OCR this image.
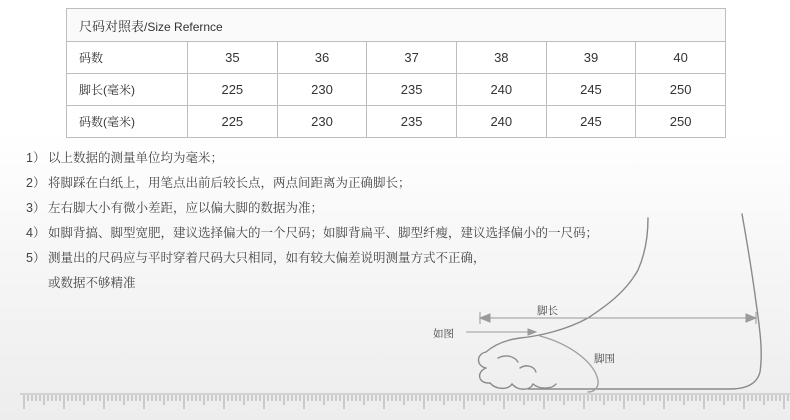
尺码对照表/Size Refernce						
码数	35	36	37	38	39	40
脚长(毫米)	225	230	235	240	245	250
码数(毫米)	225	230	235	240	245	250
1） 以上数据的测量单位均为毫米；
2） 将脚踩在白纸上，用笔点出前后较长点，两点间距离为正确脚长；
3） 左右脚大小有微小差距，应以偏大脚的数据为准；
4） 如脚背搞、脚型宽肥，建议选择偏大的一个尺码；如脚背扁平、脚型纤瘦，建议选择偏小的一尺码；
5） 测量出的尺码应与平时穿着尺码大只相同，如有较大偏差说明测量方式不正确，
或数据不够精准
如图
脚长
脚围
